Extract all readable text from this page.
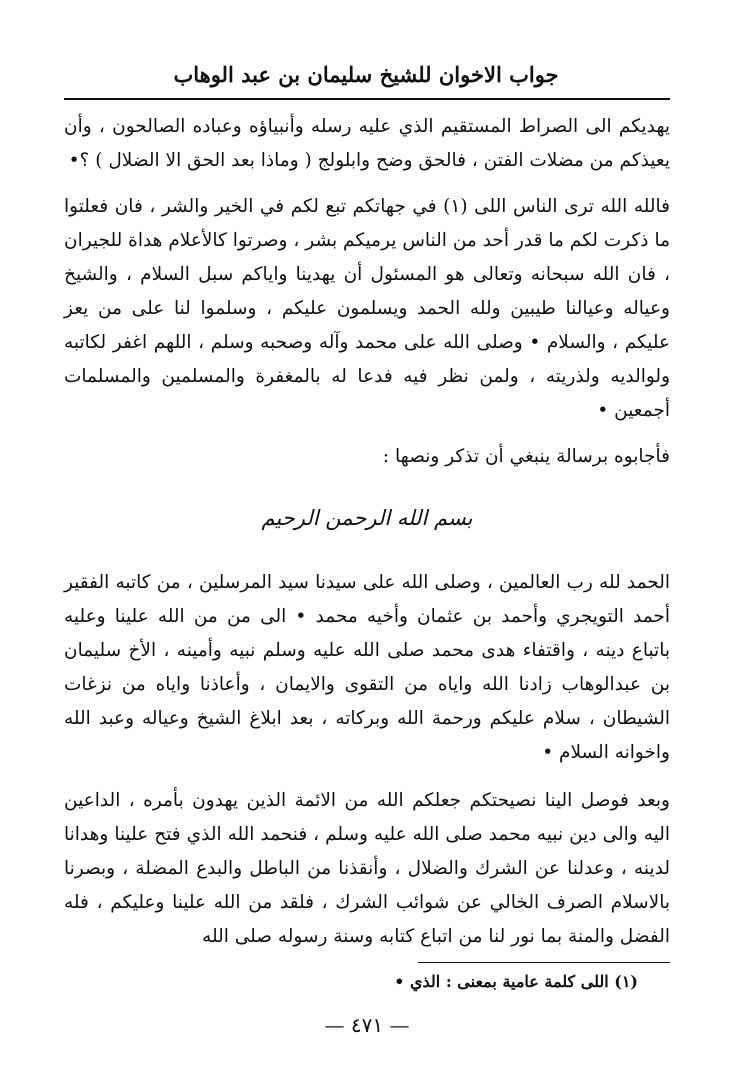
جواب الاخوان للشيخ سليمان بن عبد الوهاب

يهديكم الى الصراط المستقيم الذي عليه رسله وأنبياؤه وعباده الصالحون ، وأن يعيذكم من مضلات الفتن ، فالحق وضح وابلولج ( وماذا بعد الحق الا الضلال ) ؟•

فالله الله ترى الناس اللى (١) في جهاتكم تبع لكم في الخير والشر ، فان فعلتوا ما ذكرت لكم ما قدر أحد من الناس يرميكم بشر ، وصرتوا كالأعلام هداة للجيران ، فان الله سبحانه وتعالى هو المسئول أن يهدينا واياكم سبل السلام ، والشيخ وعياله وعيالنا طيبين ولله الحمد ويسلمون عليكم ، وسلموا لنا على من يعز عليكم ، والسلام • وصلى الله على محمد وآله وصحبه وسلم ، اللهم اغفر لكاتبه ولوالديه ولذريته ، ولمن نظر فيه فدعا له بالمغفرة والمسلمين والمسلمات أجمعين •

فأجابوه برسالة ينبغي أن تذكر ونصها :

بسم الله الرحمن الرحيم

الحمد لله رب العالمين ، وصلى الله على سيدنا سيد المرسلين ، من كاتبه الفقير أحمد التويجري وأحمد بن عثمان وأخيه محمد • الى من من الله علينا وعليه باتباع دينه ، واقتفاء هدى محمد صلى الله عليه وسلم نبيه وأمينه ، الأخ سليمان بن عبدالوهاب زادنا الله واياه من التقوى والايمان ، وأعاذنا واياه من نزغات الشيطان ، سلام عليكم ورحمة الله وبركاته ، بعد ابلاغ الشيخ وعياله وعبد الله واخوانه السلام •

وبعد فوصل الينا نصيحتكم جعلكم الله من الائمة الذين يهدون بأمره ، الداعين اليه والى دين نبيه محمد صلى الله عليه وسلم ، فنحمد الله الذي فتح علينا وهدانا لدينه ، وعدلنا عن الشرك والضلال ، وأنقذنا من الباطل والبدع المضلة ، وبصرنا بالاسلام الصرف الخالي عن شوائب الشرك ، فلقد من الله علينا وعليكم ، فله الفضل والمنة بما نور لنا من اتباع كتابه وسنة رسوله صلى الله

(١) اللى كلمة عامية بمعنى : الذي •
— ٤٧١ —
